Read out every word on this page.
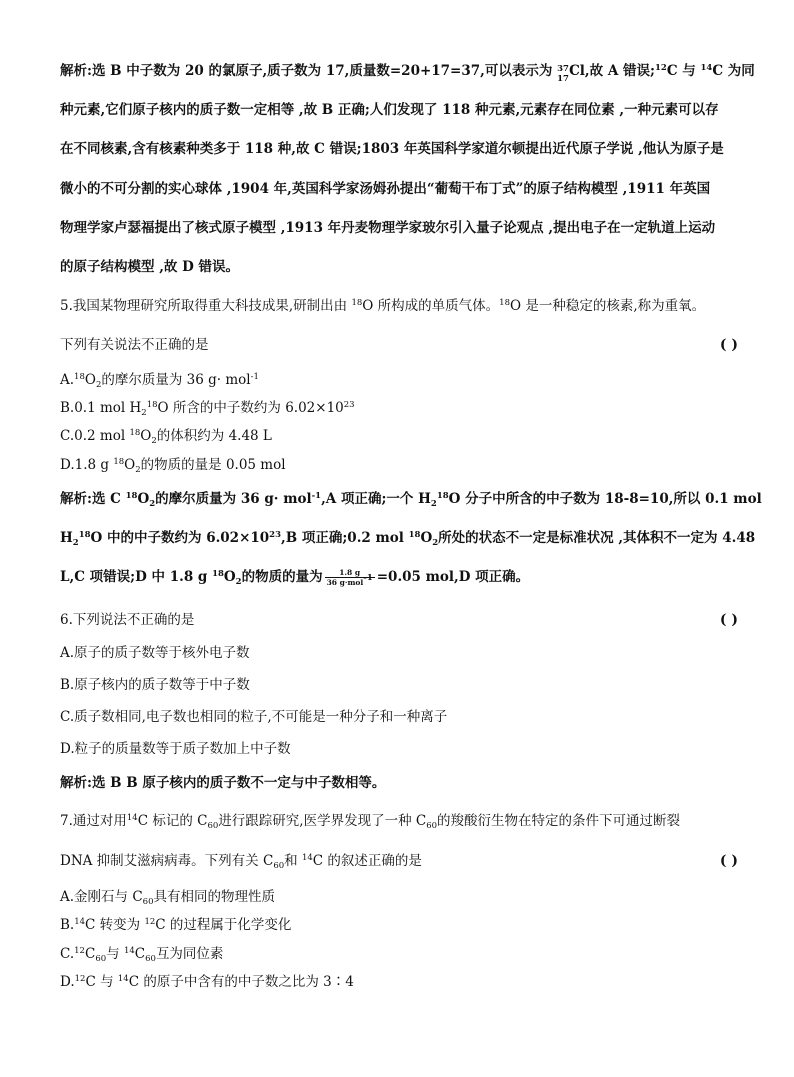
解析:选 B 中子数为 20 的氯原子,质子数为 17,质量数=20+17=37,可以表示为 37
17 Cl,故 A 错误;$^{12}$C 与 $^{14}$C 为同
种元素,它们原子核内的质子数一定相等 ,故 B 正确;人们发现了 118 种元素,元素存在同位素 ,一种元素可以存
在不同核素,含有核素种类多于 118 种,故 C 错误;1803 年英国科学家道尔顿提出近代原子学说 ,他认为原子是
微小的不可分割的实心球体 ,1904 年,英国科学家汤姆孙提出“葡萄干布丁式”的原子结构模型 ,1911 年英国
物理学家卢瑟福提出了核式原子模型 ,1913 年丹麦物理学家玻尔引入量子论观点 ,提出电子在一定轨道上运动
的原子结构模型 ,故 D 错误。
5.我国某物理研究所取得重大科技成果,研制出由 $^{18}$O 所构成的单质气体。$^{18}$O 是一种稳定的核素,称为重氧。
下列有关说法不正确的是	( )
$A.^{18}O_2$的摩尔质量为 36 g· mol$^{-1}$
B.0.1 mol $H_2^{18}O$ 所含的中子数约为 $6.02\times 10^{23}$
C.0.2 mol $^{18}O_2$的体积约为 4.48 L
D.1.8 g $^{18}O_2$的物质的量是 0.05 mol
解析:选 C $^{18}O_2$的摩尔质量为 36 g· mol$^{-1}$,A 项正确;一个 $H_2^{18}O$ 分子中所含的中子数为 18-8=10,所以 0.1 mol
$H_2^{18}O$ 中的中子数约为 $6.02\times 10^{23},B$ 项正确;0.2 mol $^{18}O_2$所处的状态不一定是标准状况 ,其体积不一定为 4.48
L,C 项错误;D 中 1.8 g $^{18}O_2$的物质的量为 $\frac{1.8 g}{36 g\cdot mol^{-1}} =0.05$ mol,D 项正确。
6.下列说法不正确的是	( )
A.原子的质子数等于核外电子数
B.原子核内的质子数等于中子数
C.质子数相同,电子数也相同的粒子,不可能是一种分子和一种离子
D.粒子的质量数等于质子数加上中子数
解析:选 B B 原子核内的质子数不一定与中子数相等。
7.通过对用$^{14}$C 标记的 $C_{60}$进行跟踪研究,医学界发现了一种 $C_{60}$的羧酸衍生物在特定的条件下可通过断裂
DNA 抑制艾滋病病毒。下列有关 $C_{60}$和 $^{14}$C 的叙述正确的是	( )
A.金刚石与 $C_{60}$具有相同的物理性质
B.$^{14}$C 转变为 $^{12}$C 的过程属于化学变化
$C.^{12}C_{60}$与 $^{14}C_{60}$互为同位素
D.$^{12}$C 与 $^{14}$C 的原子中含有的中子数之比为 3∶4
